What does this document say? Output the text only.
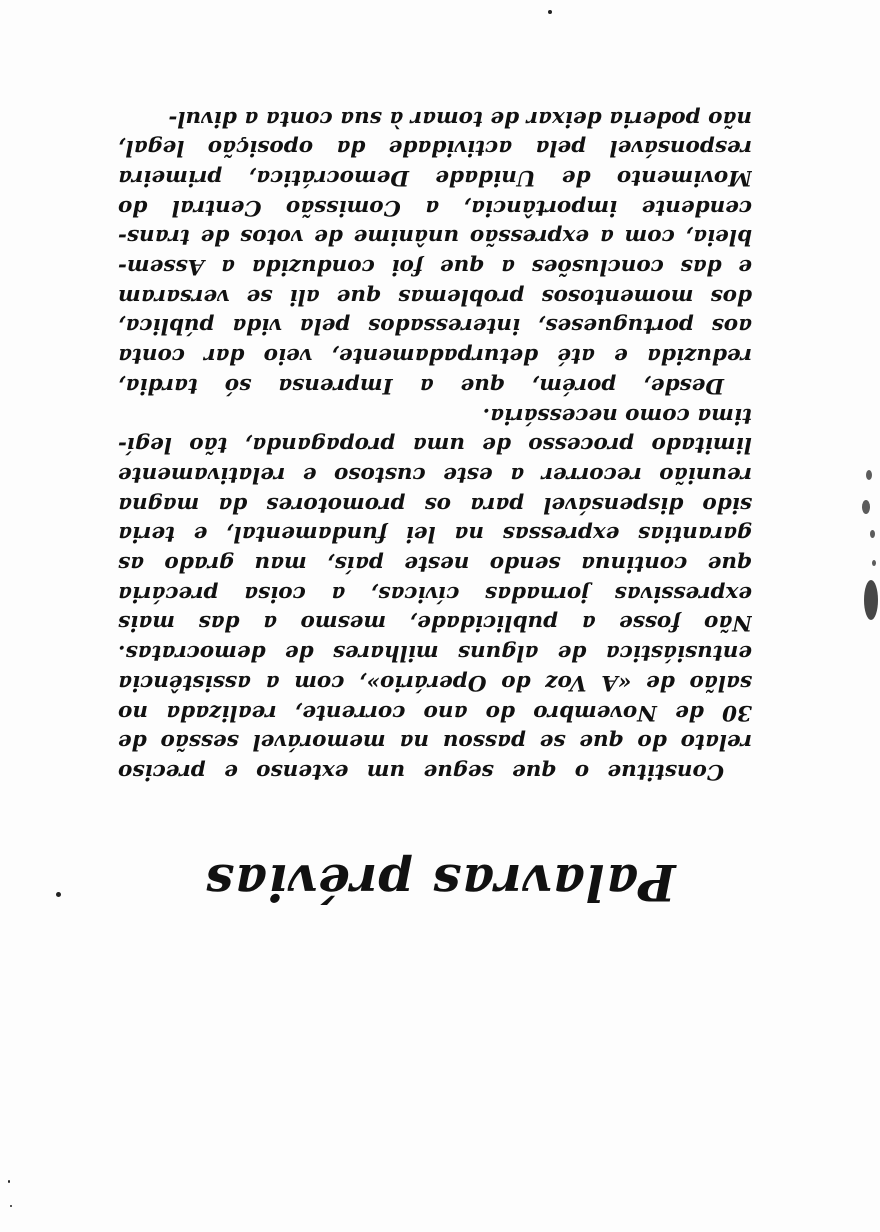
Palavras prévias
Constitue o que segue um extenso e preciso
relato do que se passou na memorável sessão de
30 de Novembro do ano corrente, realizada no
salão de «A Voz do Operário», com a assistência
entusiástica de alguns milhares de democratas.
Não fosse a publicidade, mesmo a das mais
expressivas jornadas cívicas, a coisa precária
que continua sendo neste país, mau grado as
garantias expressas na lei fundamental, e teria
sido dispensável para os promotores da magna
reunião recorrer a este custoso e relativamente
limitado processo de uma propaganda, tão legí-
tima como necessária.
Desde, porém, que a Imprensa só tardia,
reduzida e até deturpadamente, veio dar conta
aos portugueses, interessados pela vida pública,
dos momentosos problemas que ali se versaram
e das conclusões a que foi conduzida a Assem-
bleia, com a expressão unânime de votos de trans-
cendente importância, a Comissão Central do
Movimento de Unidade Democrática, primeira
responsável pela actividade da oposição legal,
não poderia deixar de tomar à sua conta a divul-
